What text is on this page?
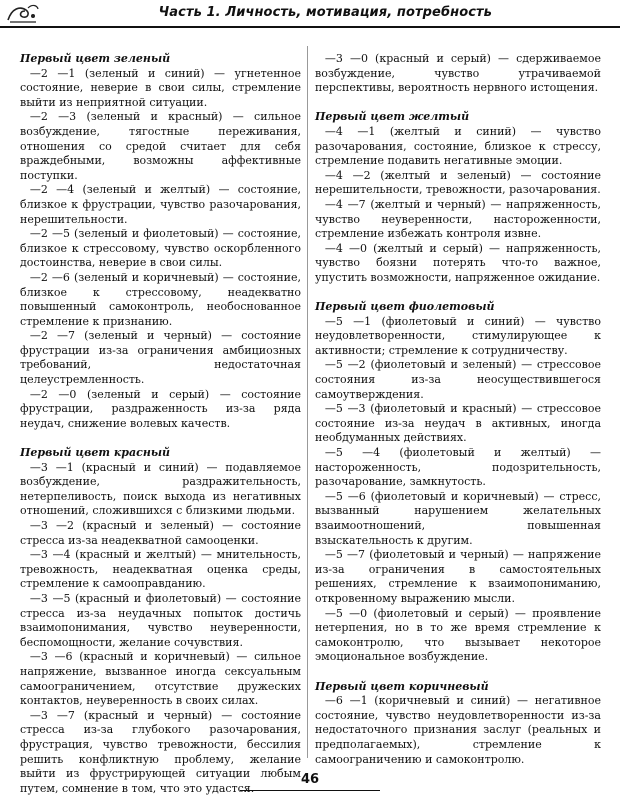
Часть 1. Личность, мотивация, потребность
Первый цвет зеленый

—2 —1 (зеленый и синий) — угнетенное состояние, неверие в свои силы, стремление выйти из неприятной ситуации.

—2 —3 (зеленый и красный) — сильное возбуждение, тягостные переживания, отношения со средой считает для себя враждебными, возможны аффективные поступки.

—2 —4 (зеленый и желтый) — состояние, близкое к фрустрации, чувство разочарования, нерешительности.

—2 —5 (зеленый и фиолетовый) — состояние, близкое к стрессовому, чувство оскорбленного достоинства, неверие в свои силы.

—2 —6 (зеленый и коричневый) — состояние, близкое к стрессовому, неадекватно повышенный самоконтроль, необоснованное стремление к признанию.

—2 —7 (зеленый и черный) — состояние фрустрации из-за ограничения амбициозных требований, недостаточная целеустремленность.

—2 —0 (зеленый и серый) — состояние фрустрации, раздраженность из-за ряда неудач, снижение волевых качеств.

Первый цвет красный

—3 —1 (красный и синий) — подавляемое возбуждение, раздражительность, нетерпеливость, поиск выхода из негативных отношений, сложившихся с близкими людьми.

—3 —2 (красный и зеленый) — состояние стресса из-за неадекватной самооценки.

—3 —4 (красный и желтый) — мнительность, тревожность, неадекватная оценка среды, стремление к самооправданию.

—3 —5 (красный и фиолетовый) — состояние стресса из-за неудачных попыток достичь взаимопонимания, чувство неуверенности, беспомощности, желание сочувствия.

—3 —6 (красный и коричневый) — сильное напряжение, вызванное иногда сексуальным самоограничением, отсутствие дружеских контактов, неуверенность в своих силах.

—3 —7 (красный и черный) — состояние стресса из-за глубокого разочарования, фрустрация, чувство тревожности, бессилия решить конфликтную проблему, желание выйти из фрустрирующей ситуации любым путем, сомнение в том, что это удастся.

—3 —0 (красный и серый) — сдерживаемое возбуждение, чувство утрачиваемой перспективы, вероятность нервного истощения.

Первый цвет желтый

—4 —1 (желтый и синий) — чувство разочарования, состояние, близкое к стрессу, стремление подавить негативные эмоции.

—4 —2 (желтый и зеленый) — состояние нерешительности, тревожности, разочарования.

—4 —7 (желтый и черный) — напряженность, чувство неуверенности, настороженности, стремление избежать контроля извне.

—4 —0 (желтый и серый) — напряженность, чувство боязни потерять что-то важное, упустить возможности, напряженное ожидание.

Первый цвет фиолетовый

—5 —1 (фиолетовый и синий) — чувство неудовлетворенности, стимулирующее к активности; стремление к сотрудничеству.

—5 —2 (фиолетовый и зеленый) — стрессовое состояния из-за неосуществившегося самоутверждения.

—5 —3 (фиолетовый и красный) — стрессовое состояние из-за неудач в активных, иногда необдуманных действиях.

—5 —4 (фиолетовый и желтый) — настороженность, подозрительность, разочарование, замкнутость.

—5 —6 (фиолетовый и коричневый) — стресс, вызванный нарушением желательных взаимоотношений, повышенная взыскательность к другим.

—5 —7 (фиолетовый и черный) — напряжение из-за ограничения в самостоятельных решениях, стремление к взаимопониманию, откровенному выражению мысли.

—5 —0 (фиолетовый и серый) — проявление нетерпения, но в то же время стремление к самоконтролю, что вызывает некоторое эмоциональное возбуждение.

Первый цвет коричневый

—6 —1 (коричневый и синий) — негативное состояние, чувство неудовлетворенности из-за недостаточного признания заслуг (реальных и предполагаемых), стремление к самоограничению и самоконтролю.

46
